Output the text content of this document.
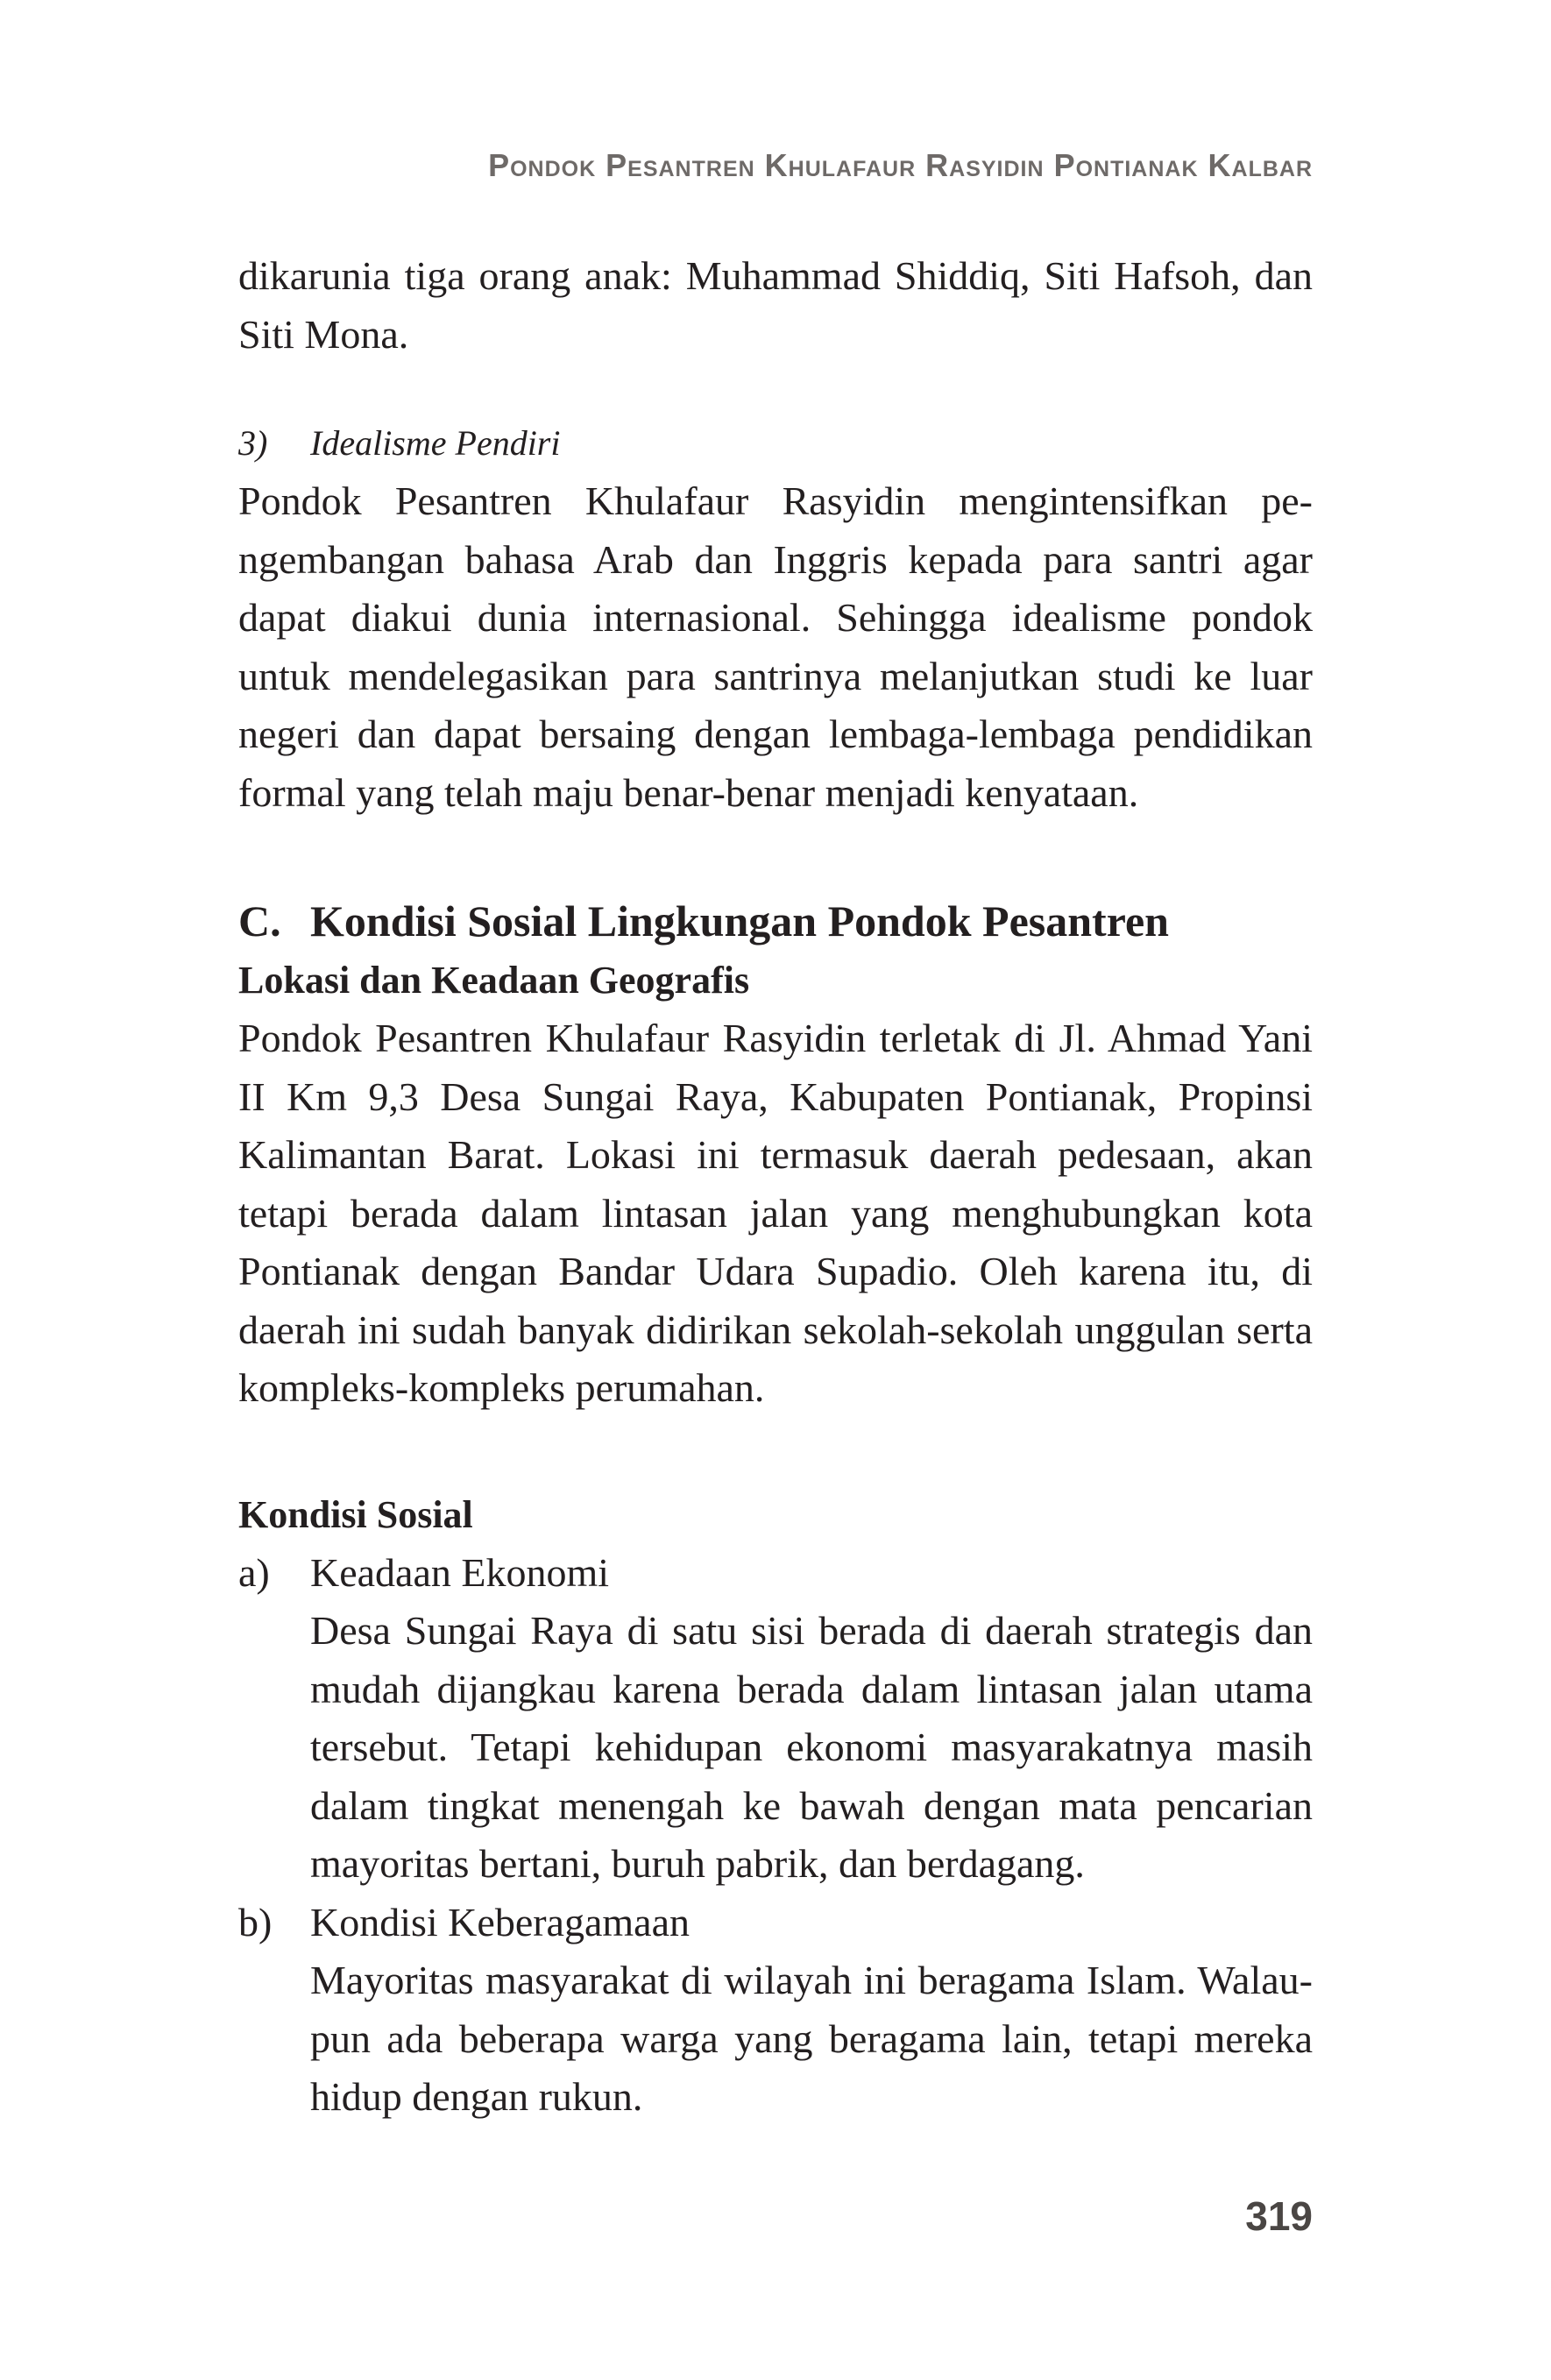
Pondok Pesantren Khulafaur Rasyidin Pontianak Kalbar

dikarunia tiga orang anak: Muhammad Shiddiq, Siti Hafsoh, dan Siti Mona.

3)	Idealisme Pendiri

Pondok Pesantren Khulafaur Rasyidin mengintensifkan pengembangan bahasa Arab dan Inggris kepada para santri agar dapat diakui dunia internasional. Sehingga idealisme pondok untuk mendelegasikan para santrinya melanjutkan studi ke luar negeri dan dapat bersaing dengan lembaga-lembaga pendidikan formal yang telah maju benar-benar menjadi kenyataan.

C. Kondisi Sosial Lingkungan Pondok Pesantren
Lokasi dan Keadaan Geografis

Pondok Pesantren Khulafaur Rasyidin terletak di Jl. Ahmad Yani II Km 9,3 Desa Sungai Raya, Kabupaten Pontianak, Propinsi Kalimantan Barat. Lokasi ini termasuk daerah pedesaan, akan tetapi berada dalam lintasan jalan yang menghubungkan kota Pontianak dengan Bandar Udara Supadio. Oleh karena itu, di daerah ini sudah banyak didirikan sekolah-sekolah unggulan serta kompleks-kompleks perumahan.

Kondisi Sosial
a)	Keadaan Ekonomi

Desa Sungai Raya di satu sisi berada di daerah strategis dan mudah dijangkau karena berada dalam lintasan jalan utama tersebut. Tetapi kehidupan ekonomi masyarakatnya masih dalam tingkat menengah ke bawah dengan mata pencarian mayoritas bertani, buruh pabrik, dan berdagang.

b) Kondisi Keberagamaan

Mayoritas masyarakat di wilayah ini beragama Islam. Walaupun ada beberapa warga yang beragama lain, tetapi mereka hidup dengan rukun.

319
